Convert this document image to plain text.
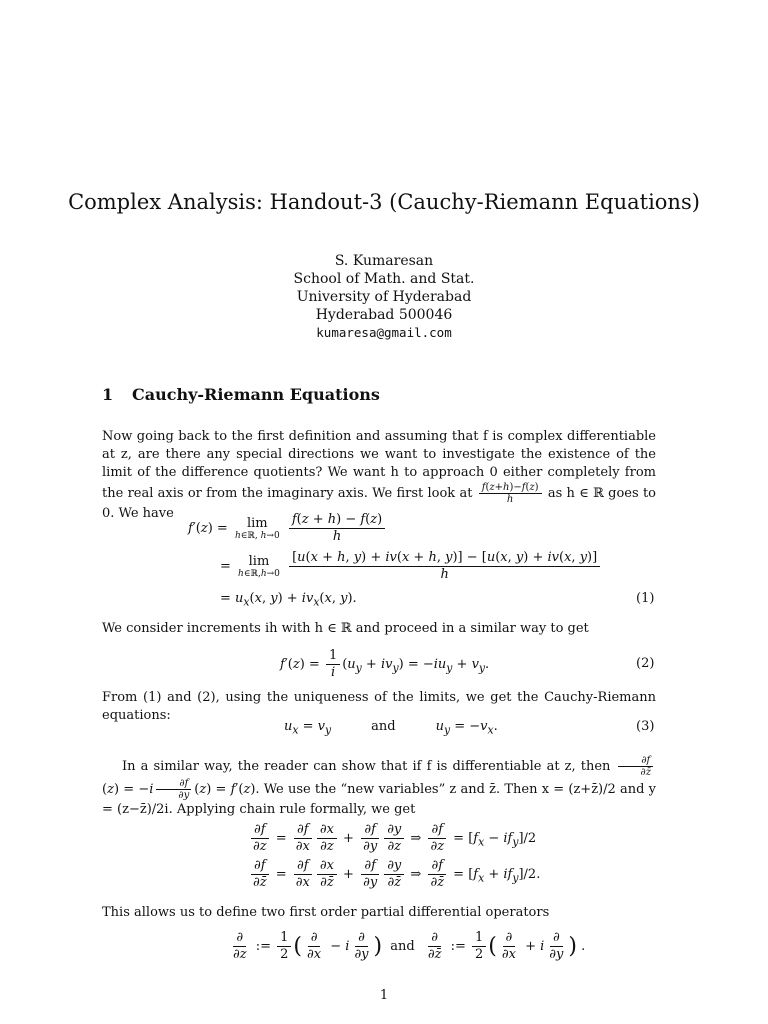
Complex Analysis: Handout-3 (Cauchy-Riemann Equations)
S. Kumaresan
School of Math. and Stat.
University of Hyderabad
Hyderabad 500046
kumaresa@gmail.com
1 Cauchy-Riemann Equations
Now going back to the first definition and assuming that f is complex differentiable at z, are there any special directions we want to investigate the existence of the limit of the difference quotients? We want h to approach 0 either completely from the real axis or from the imaginary axis. We first look at $\frac{f(z+h)-f(z)}{h}$ as h ∈ ℝ goes to 0. We have
f′(z) = lim
h∈ℝ, h→0
$\frac{f(z + h) - f(z)}{h}$
= lim
h∈ℝ,h→0
$\frac{[u(x + h, y) + iv(x + h, y)] - [u(x, y) + iv(x, y)]}{h}$
= $u_x(x$, $y) + iv_x(x$, y).	(1)
We consider increments ih with h ∈ ℝ and proceed in a similar way to get
$f'(z) = \frac{1}{i} (u_y + iv_y) = -iu_y + v_y$.	(2)
From (1) and (2), using the uniqueness of the limits, we get the Cauchy-Riemann equations:
$u_x = v_y$	and	$u_y = -v_x$.	(3)
In a similar way, the reader can show that if f is differentiable at z, then $\frac{\partial f}{\partial z̄}$
$(z) = -i \frac{\partial f}{\partial y} (z) = f'(z)$. We use the “new variables” z and z̄. Then x = (z+z̄)/2 and y = (z−z̄)/2i. Applying chain rule formally, we get
$\frac{\partial f}{\partial z} = \frac{\partial f}{\partial x} \frac{\partial x}{\partial z} + \frac{\partial f}{\partial y} \frac{\partial y}{\partial z}$ ⇒ $\frac{\partial f}{\partial z} = [f_x - if_y]/2$
$\frac{\partial f}{\partial z̄} = \frac{\partial f}{\partial x} \frac{\partial x}{\partial z̄} + \frac{\partial f}{\partial y} \frac{\partial y}{\partial z̄}$ ⇒ $\frac{\partial f}{\partial z̄} = [f_x + if_y]/2$.
This allows us to define two first order partial differential operators
$\frac{\partial}{\partial z}$ := $\frac{1}{2}$ ( $\frac{\partial}{\partial x} - i \frac{\partial}{\partial y}$ ) and $\frac{\partial}{\partial z̄}$ := $\frac{1}{2}$ ( $\frac{\partial}{\partial x} + i \frac{\partial}{\partial y}$ ) .
1
